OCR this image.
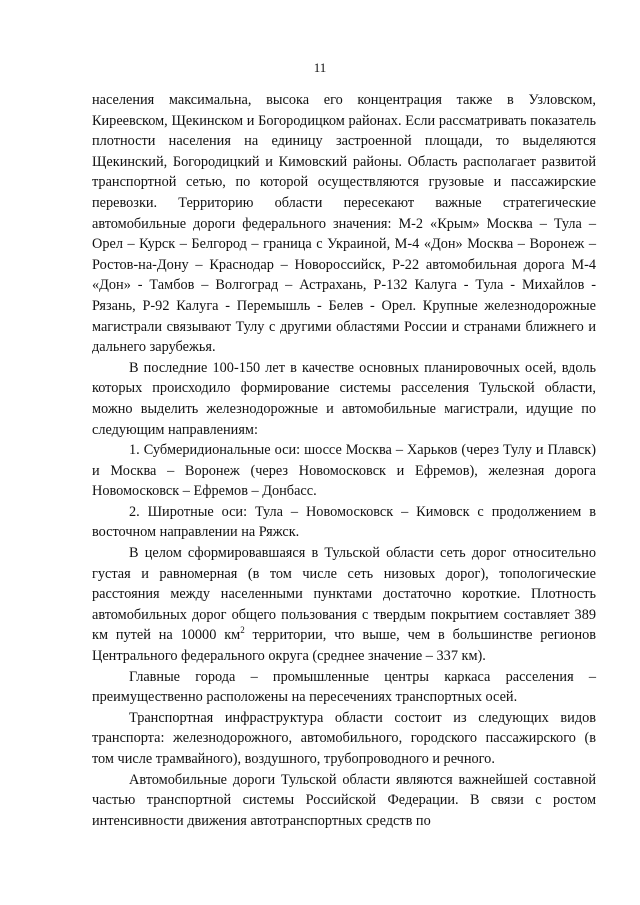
11

населения максимальна, высока его концентрация также в Узловском, Киреевском, Щекинском и Богородицком районах. Если рассматривать показатель плотности населения на единицу застроенной площади, то выделяются Щекинский, Богородицкий и Кимовский районы. Область располагает развитой транспортной сетью, по которой осуществляются грузовые и пассажирские перевозки. Территорию области пересекают важные стратегические автомобильные дороги федерального значения: М-2 «Крым» Москва – Тула – Орел – Курск – Белгород – граница с Украиной, М-4 «Дон» Москва – Воронеж – Ростов-на-Дону – Краснодар – Новороссийск, Р-22 автомобильная дорога М-4 «Дон» - Тамбов – Волгоград – Астрахань, Р-132 Калуга - Тула - Михайлов - Рязань, Р-92 Калуга - Перемышль - Белев - Орел. Крупные железнодорожные магистрали связывают Тулу с другими областями России и странами ближнего и дальнего зарубежья.

В последние 100-150 лет в качестве основных планировочных осей, вдоль которых происходило формирование системы расселения Тульской области, можно выделить железнодорожные и автомобильные магистрали, идущие по следующим направлениям:

1. Субмеридиональные оси: шоссе Москва – Харьков (через Тулу и Плавск) и Москва – Воронеж (через Новомосковск и Ефремов), железная дорога Новомосковск – Ефремов – Донбасс.

2. Широтные оси: Тула – Новомосковск – Кимовск с продолжением в восточном направлении на Ряжск.

В целом сформировавшаяся в Тульской области сеть дорог относительно густая и равномерная (в том числе сеть низовых дорог), топологические расстояния между населенными пунктами достаточно короткие. Плотность автомобильных дорог общего пользования с твердым покрытием составляет 389 км путей на 10000 $км^2$ территории, что выше, чем в большинстве регионов Центрального федерального округа (среднее значение – 337 км).

Главные города – промышленные центры каркаса расселения – преимущественно расположены на пересечениях транспортных осей.

Транспортная инфраструктура области состоит из следующих видов транспорта: железнодорожного, автомобильного, городского пассажирского (в том числе трамвайного), воздушного, трубопроводного и речного.

Автомобильные дороги Тульской области являются важнейшей составной частью транспортной системы Российской Федерации. В связи с ростом интенсивности движения автотранспортных средств по
